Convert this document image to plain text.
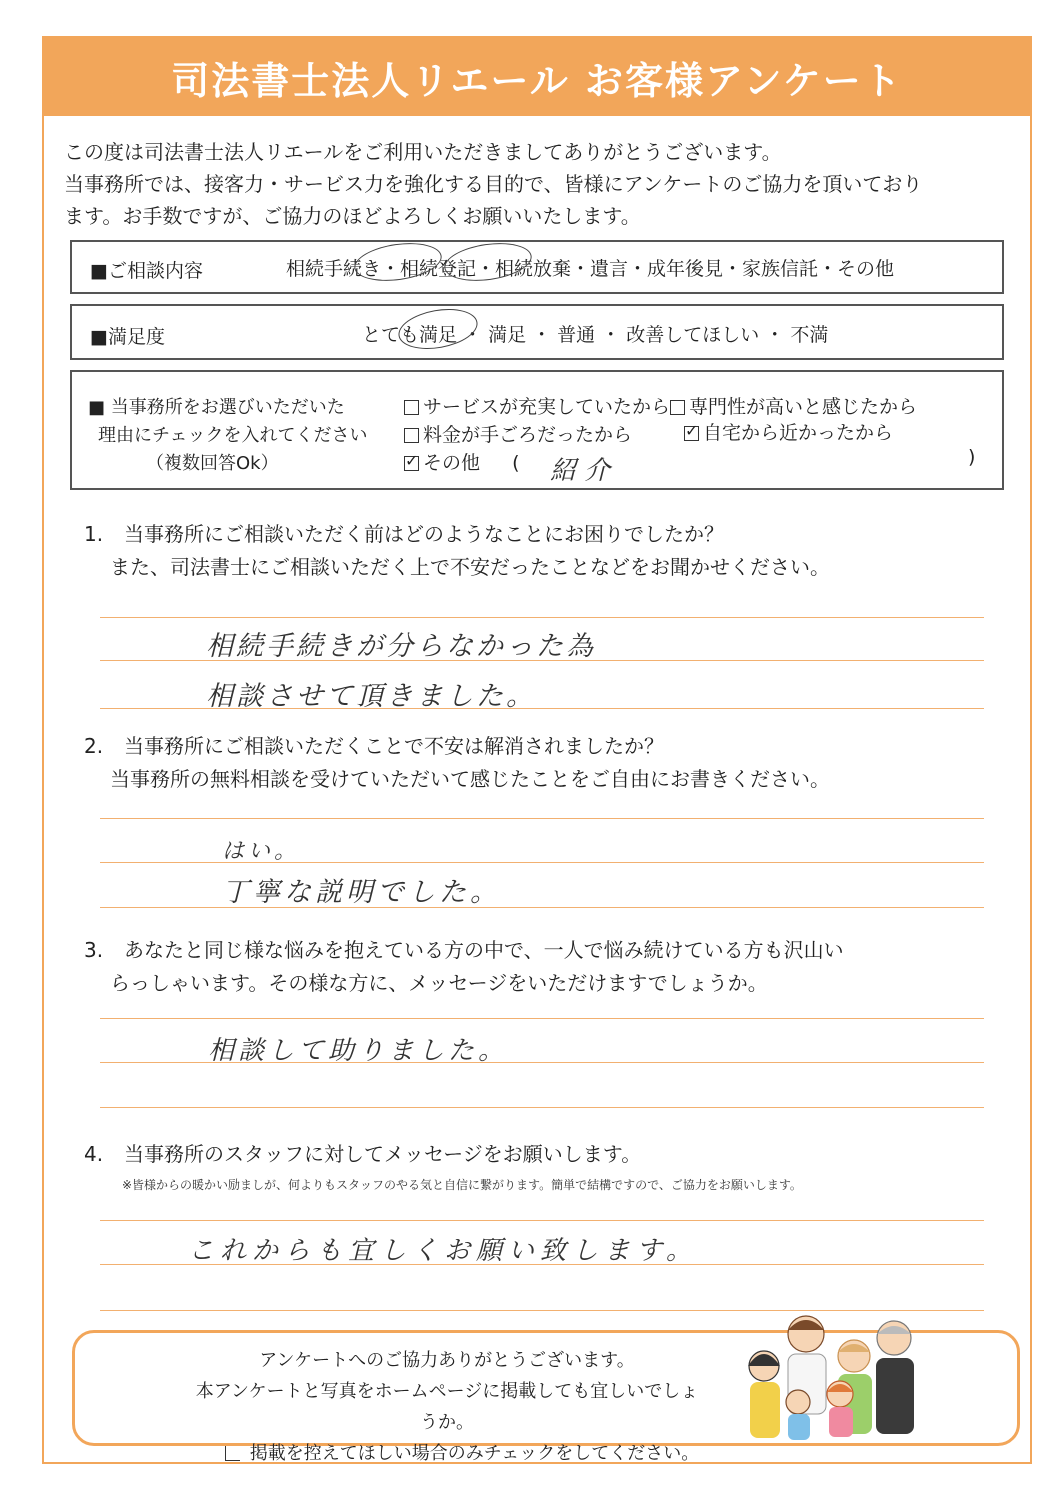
司法書士法人リエール お客様アンケート

この度は司法書士法人リエールをご利用いただきましてありがとうございます。

当事務所では、接客力・サービス力を強化する目的で、皆様にアンケートのご協力を頂いており

ます。お手数ですが、ご協力のほどよろしくお願いいたします。

■ご相談内容	相続手続き・相続登記・相続放棄・遺言・成年後見・家族信託・その他
■満足度	とても満足 ・ 満足 ・ 普通 ・ 改善してほしい ・ 不満
■ 当事務所をお選びいただいた
理由にチェックを入れてください
（複数回答Ok）
サービスが充実していたから 専門性が高いと感じたから
料金が手ごろだったから
✓	自宅から近かったから
✓その他 ( 紹介	)

1. 当事務所にご相談いただく前はどのようなことにお困りでしたか？

また、司法書士にご相談いただく上で不安だったことなどをお聞かせください。

相続手続きが分らなかった為
相談させて頂きました。

2. 当事務所にご相談いただくことで不安は解消されましたか？

当事務所の無料相談を受けていただいて感じたことをご自由にお書きください。

はい。
丁寧な説明でした。

3. あなたと同じ様な悩みを抱えている方の中で、一人で悩み続けている方も沢山い

らっしゃいます。その様な方に、メッセージをいただけますでしょうか。

相談して助りました。

4. 当事務所のスタッフに対してメッセージをお願いします。

※皆様からの暖かい励ましが、何よりもスタッフのやる気と自信に繋がります。簡単で結構ですので、ご協力をお願いします。
これからも宜しくお願い致します。

アンケートへのご協力ありがとうございます。

本アンケートと写真をホームページに掲載しても宜しいでしょうか。

掲載を控えてほしい場合のみチェックをしてください。
